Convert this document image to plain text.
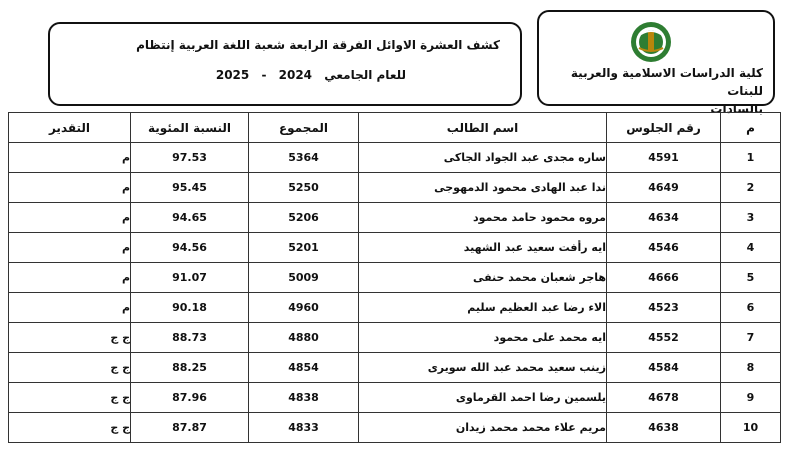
كشف العشرة الاوائل الفرقة الرابعة شعبة اللغة العربية إنتظام
للعام الجامعي 2024 - 2025	كلية الدراسات الاسلامية والعربية للبنات
بالسادات
التقدير	النسبة المئوية	المجموع	اسم الطالب	رقم الجلوس	م
م	97.53	5364	ساره مجدى عبد الجواد الجاكى	4591	1
م	95.45	5250	ندا عبد الهادى محمود الدمهوجى	4649	2
م	94.65	5206	مروه محمود حامد محمود	4634	3
م	94.56	5201	ايه رأفت سعيد عبد الشهيد	4546	4
م	91.07	5009	هاجر شعبان محمد حنفى	4666	5
م	90.18	4960	الاء رضا عبد العظيم سليم	4523	6
ج ج	88.73	4880	ايه محمد على محمود	4552	7
ج ج	88.25	4854	زينب سعيد محمد عبد الله سويرى	4584	8
ج ج	87.96	4838	يلسمين رضا احمد القرماوى	4678	9
ج ج	87.87	4833	مريم علاء محمد محمد زيدان	4638	10
